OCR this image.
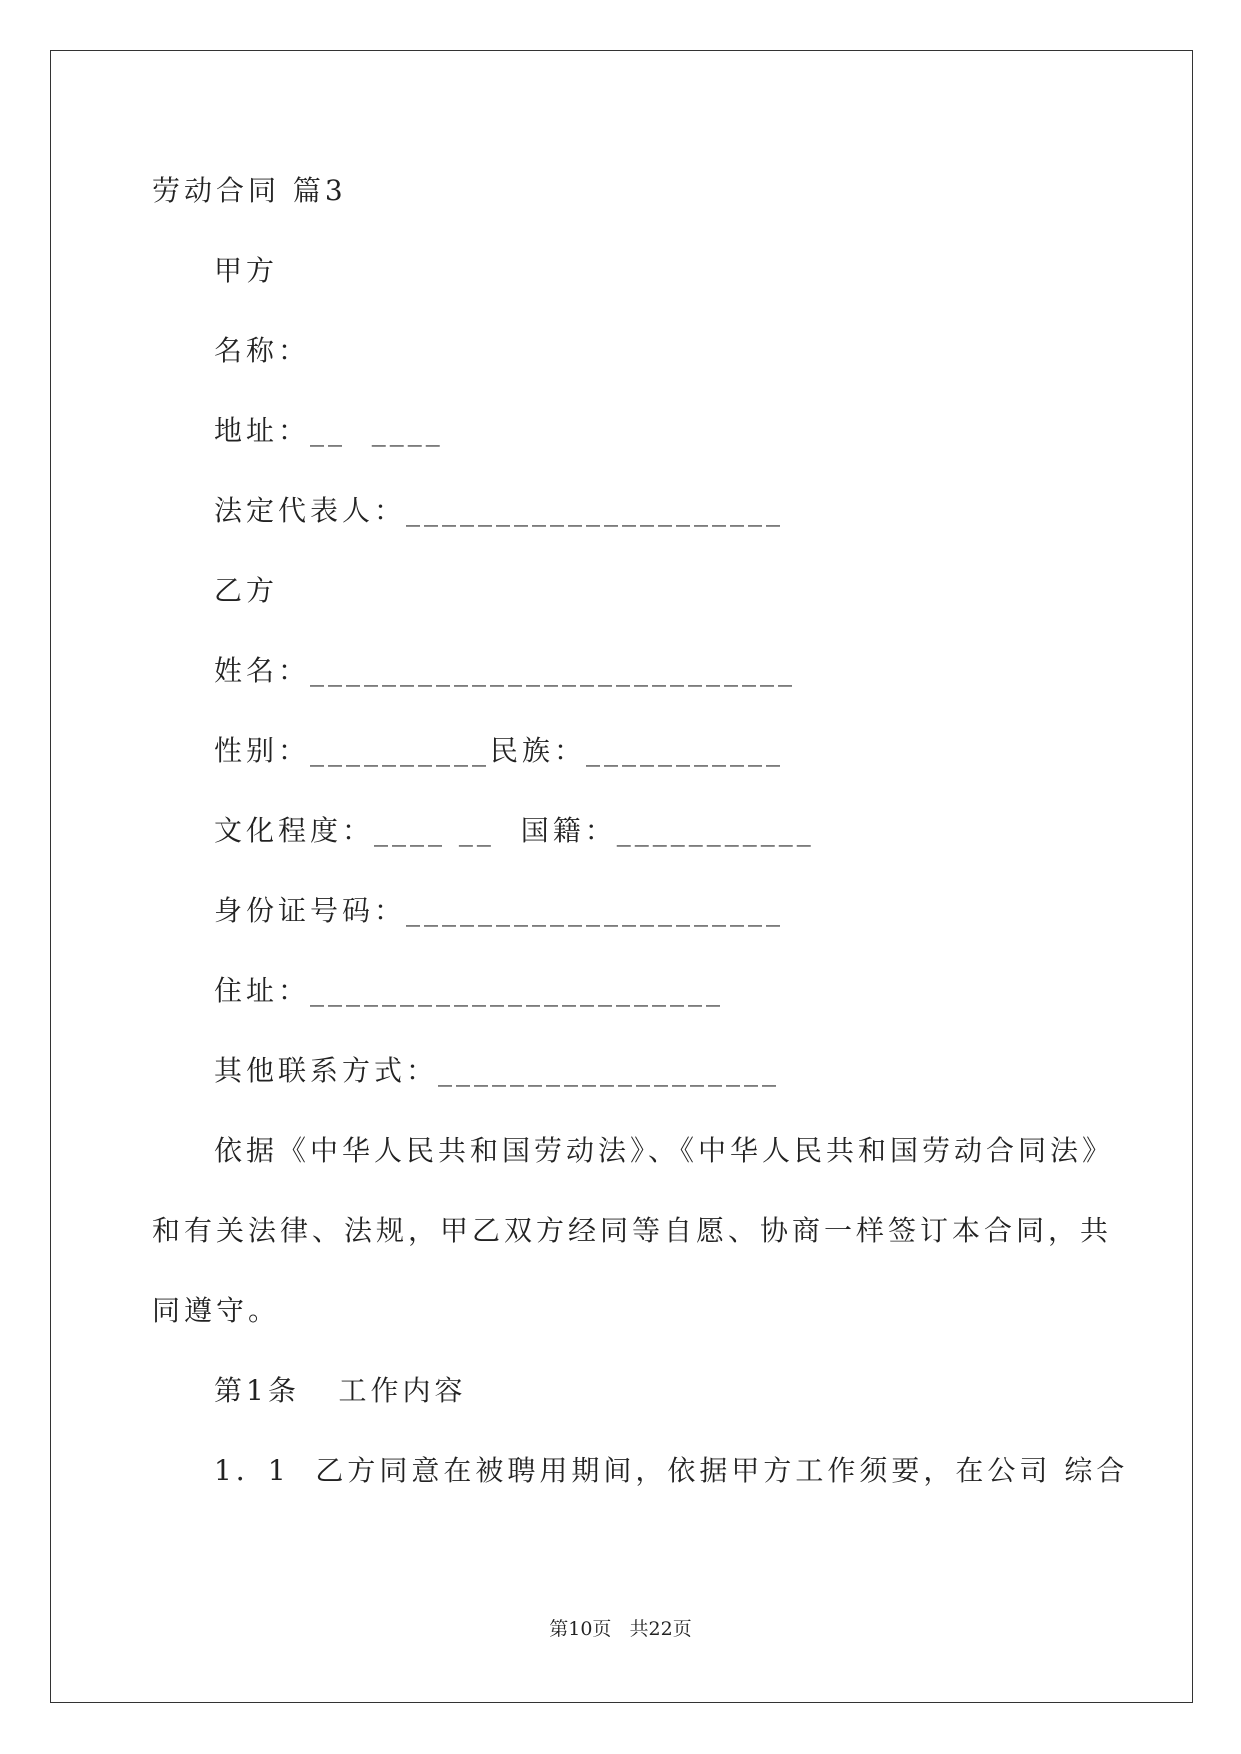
劳动合同 篇3
甲方
名称：
地址：__  ____
法定代表人：_____________________
乙方
姓名：___________________________
性别：__________民族：___________
文化程度：____ __  国籍：___________
身份证号码：_____________________
住址：_______________________
其他联系方式：___________________
依据《中华人民共和国劳动法》、《中华人民共和国劳动合同法》
和有关法律、法规，甲乙双方经同等自愿、协商一样签订本合同，共
同遵守。
第1条   工作内容
1．1  乙方同意在被聘用期间，依据甲方工作须要，在公司 综合
第10页   共22页
